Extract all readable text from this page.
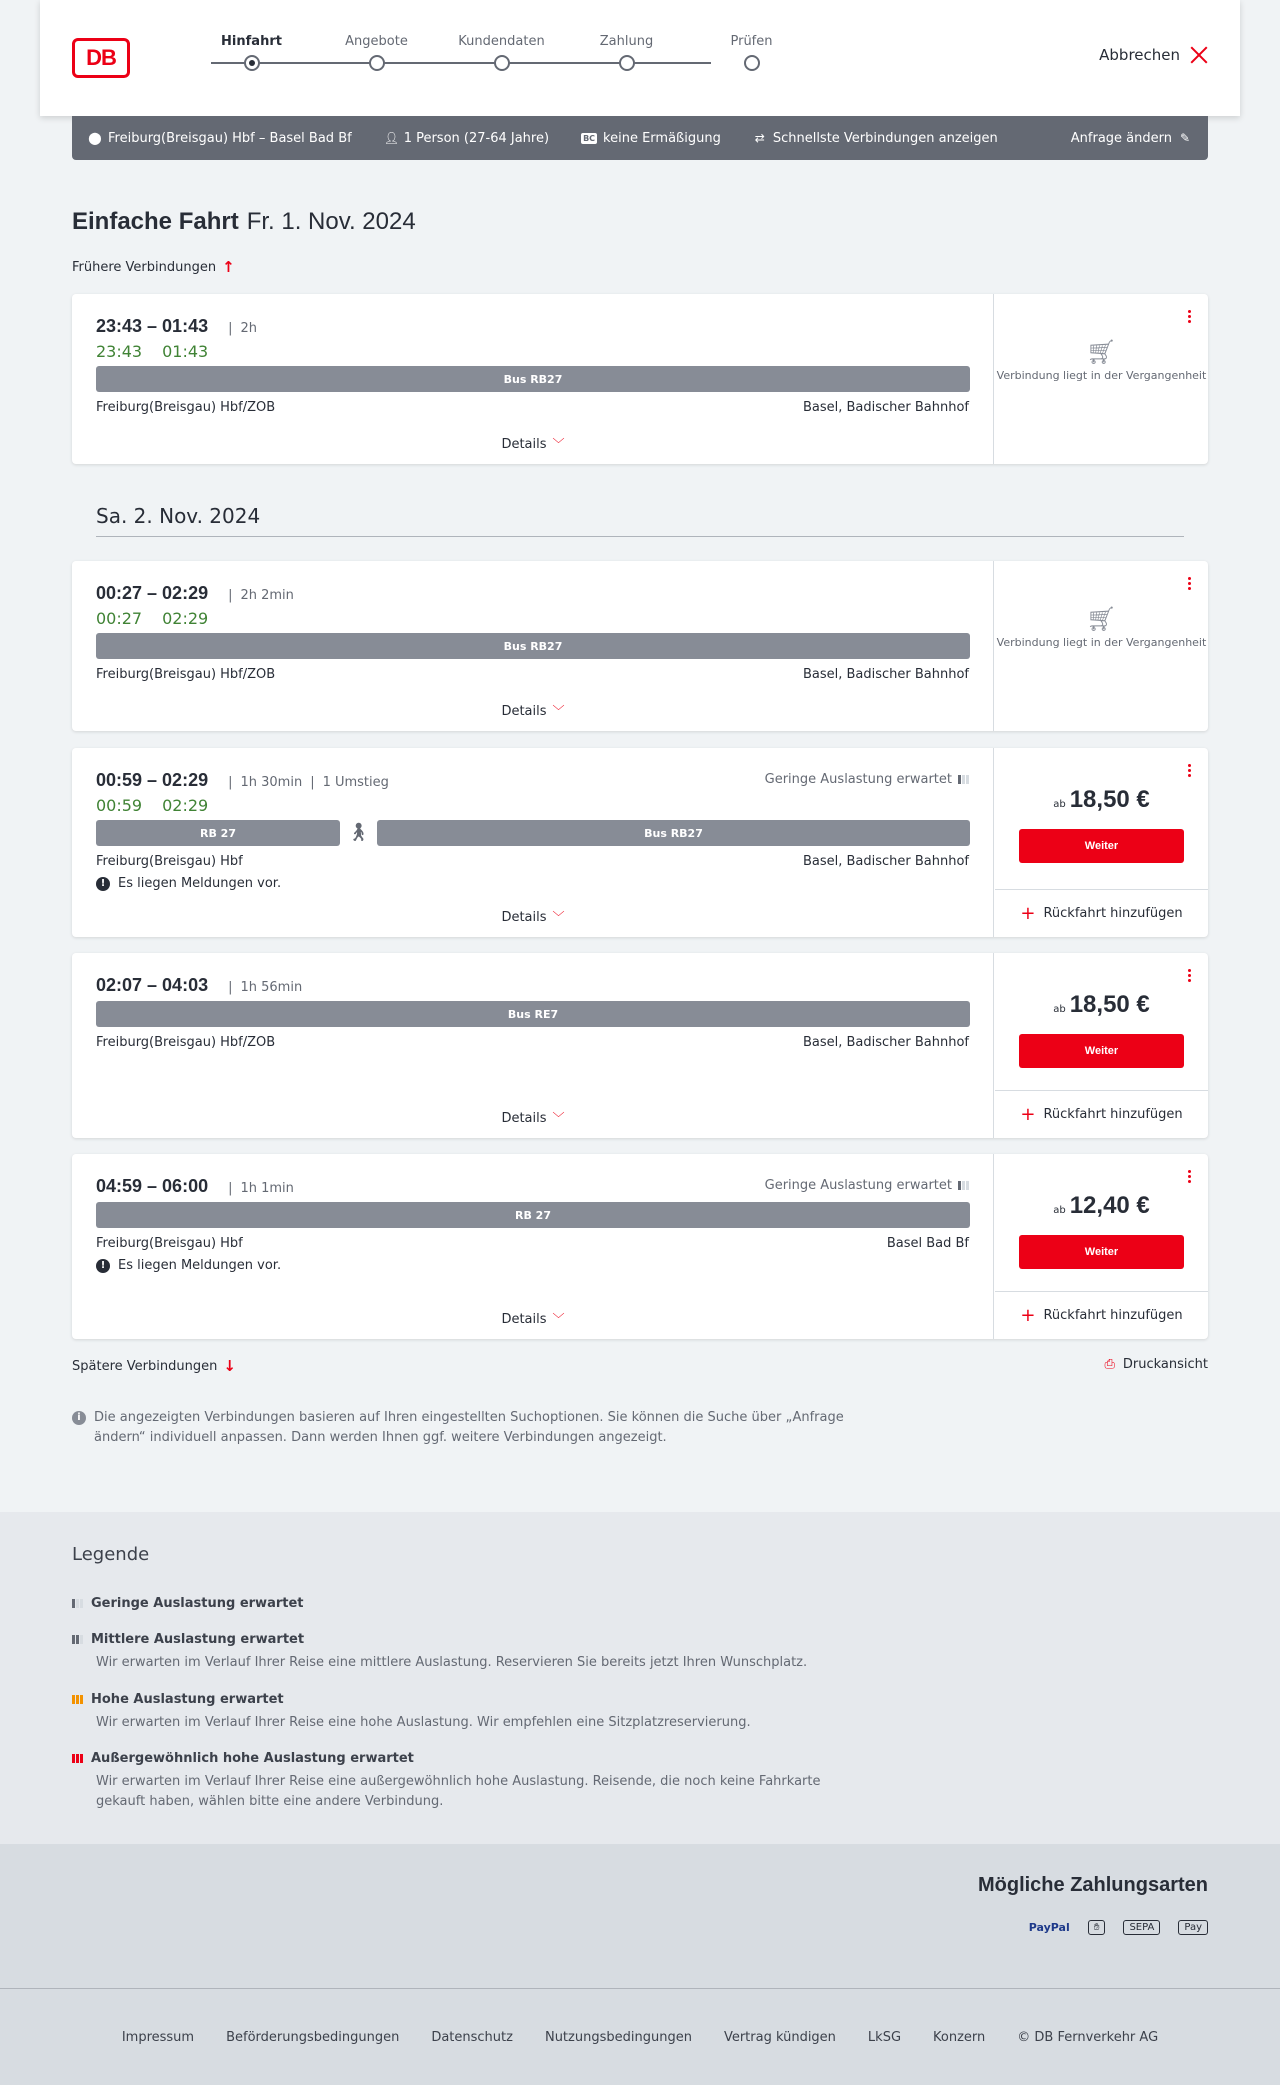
DB
Hinfahrt	Angebote	Kundendaten	Zahlung	Prüfen
Abbrechen
⬤ Freiburg(Breisgau) Hbf – Basel Bad Bf	👤︎ 1 Person (27-64 Jahre)	BC keine Ermäßigung	⇄ Schnellste Verbindungen anzeigen	Anfrage ändern ✎
Einfache Fahrt Fr. 1. Nov. 2024
Frühere Verbindungen ↑
23:43 – 01:43	| 2h
23:43 01:43
Bus RB27
Freiburg(Breisgau) Hbf/ZOB	Basel, Badischer Bahnhof
Details ﹀
🛒︎
Verbindung liegt in der Vergangenheit
Sa. 2. Nov. 2024
00:27 – 02:29	| 2h 2min
00:27 02:29
Bus RB27
Freiburg(Breisgau) Hbf/ZOB	Basel, Badischer Bahnhof
Details ﹀
🛒︎
Verbindung liegt in der Vergangenheit
00:59 – 02:29	| 1h 30min | 1 Umstieg	Geringe Auslastung erwartet
00:59 02:29
RB 27	🚶︎	Bus RB27
Freiburg(Breisgau) Hbf	Basel, Badischer Bahnhof
! Es liegen Meldungen vor.
Details ﹀
ab 18,50 €
Weiter
+ Rückfahrt hinzufügen
02:07 – 04:03	| 1h 56min
Bus RE7
Freiburg(Breisgau) Hbf/ZOB	Basel, Badischer Bahnhof
Details ﹀
ab 18,50 €
Weiter
+ Rückfahrt hinzufügen
04:59 – 06:00	| 1h 1min	Geringe Auslastung erwartet
RB 27
Freiburg(Breisgau) Hbf	Basel Bad Bf
! Es liegen Meldungen vor.
Details ﹀
ab 12,40 €
Weiter
+ Rückfahrt hinzufügen
Spätere Verbindungen ↓	⎙ Druckansicht
i	Die angezeigten Verbindungen basieren auf Ihren eingestellten Suchoptionen. Sie können die Suche über „Anfrage ändern“ individuell anpassen. Dann werden Ihnen ggf. weitere Verbindungen angezeigt.
Legende
Geringe Auslastung erwartet
Mittlere Auslastung erwartet
Wir erwarten im Verlauf Ihrer Reise eine mittlere Auslastung. Reservieren Sie bereits jetzt Ihren Wunschplatz.
Hohe Auslastung erwartet
Wir erwarten im Verlauf Ihrer Reise eine hohe Auslastung. Wir empfehlen eine Sitzplatzreservierung.
Außergewöhnlich hohe Auslastung erwartet
Wir erwarten im Verlauf Ihrer Reise eine außergewöhnlich hohe Auslastung. Reisende, die noch keine Fahrkarte gekauft haben, wählen bitte eine andere Verbindung.
Mögliche Zahlungsarten
PayPal	✋︎	SEPA	Pay
Impressum Beförderungsbedingungen Datenschutz Nutzungsbedingungen Vertrag kündigen LkSG Konzern © DB Fernverkehr AG
